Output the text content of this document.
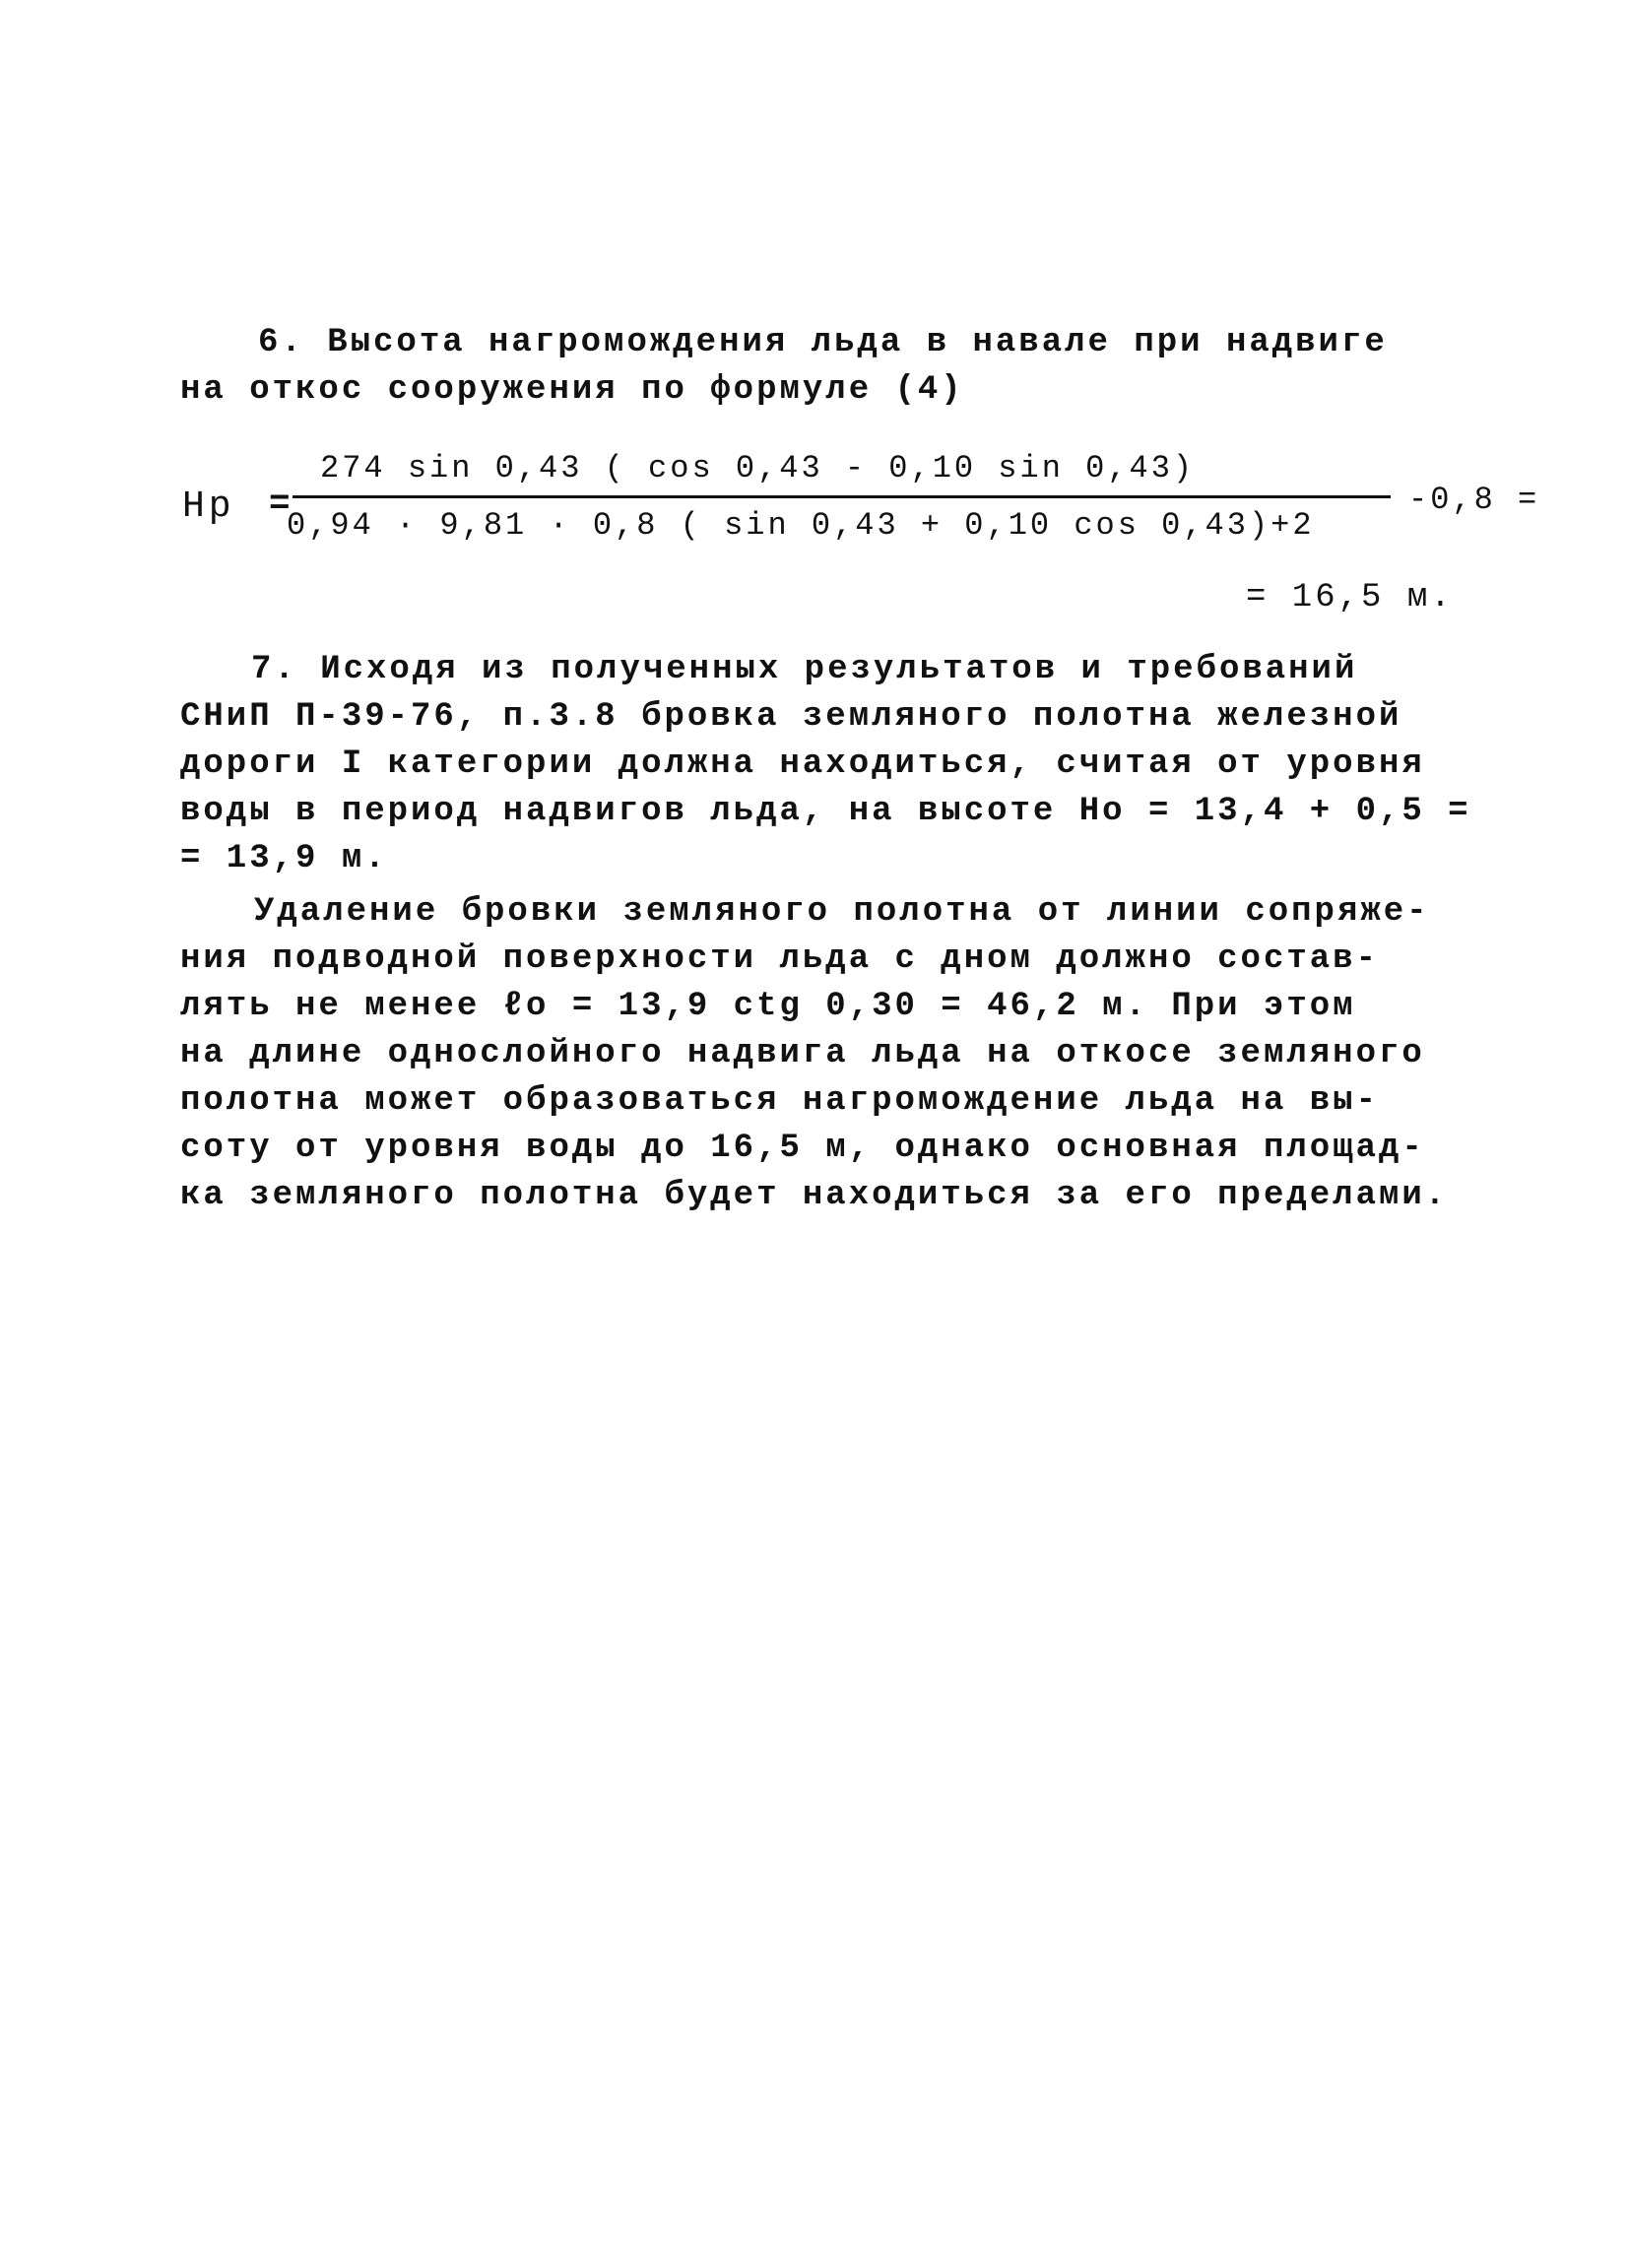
6. Высота нагромождения льда в навале при надвиге
на откос сооружения по формуле (4)
Hр =
274 sin 0,43 ( cos 0,43 - 0,10 sin 0,43)
0,94 · 9,81 · 0,8 ( sin 0,43 + 0,10 cos 0,43)+2
-0,8 =
= 16,5 м.
7. Исходя из полученных результатов и требований
СНиП П-39-76, п.3.8 бровка земляного полотна железной
дороги I категории должна находиться, считая от уровня
воды в период надвигов льда, на высоте Hо = 13,4 + 0,5 =
= 13,9 м.
Удаление бровки земляного полотна от линии сопряже-
ния подводной поверхности льда с дном должно состав-
лять не менее ℓо = 13,9 ctg 0,30 = 46,2 м. При этом
на длине однослойного надвига льда на откосе земляного
полотна может образоваться нагромождение льда на вы-
соту от уровня воды до 16,5 м, однако основная площад-
ка земляного полотна будет находиться за его пределами.
